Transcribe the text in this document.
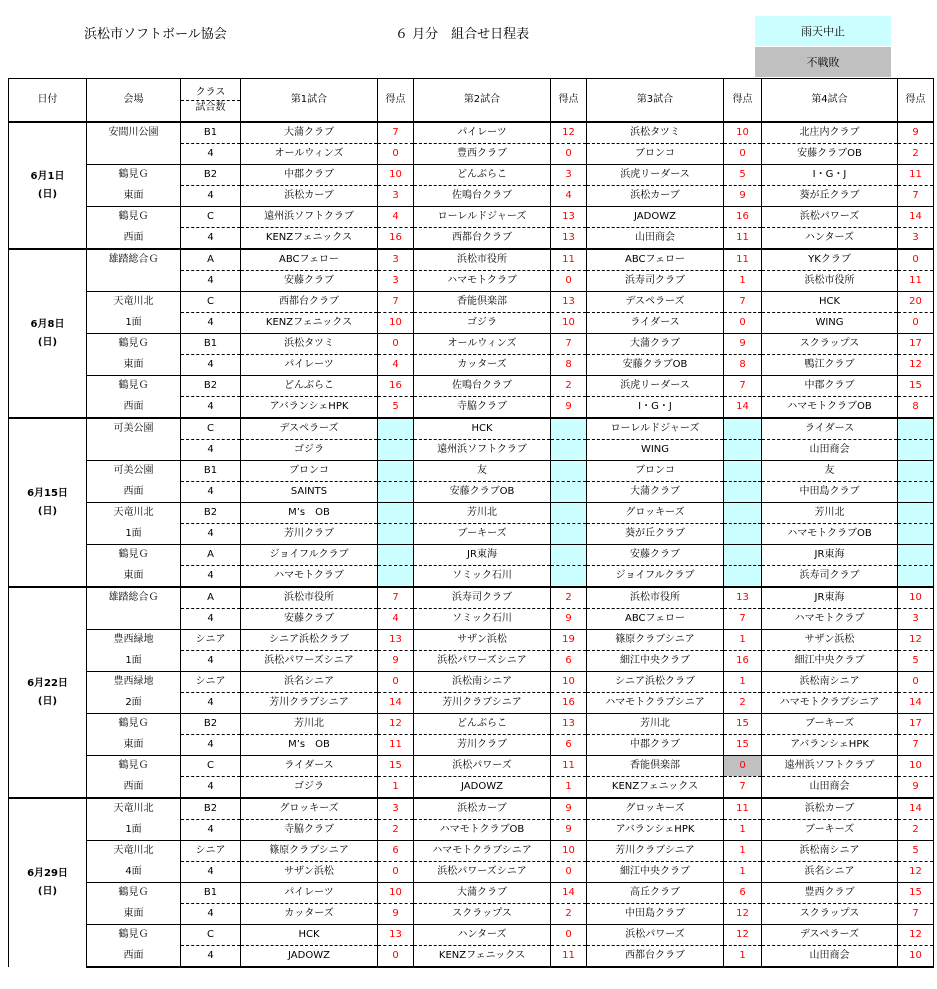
浜松市ソフトボール協会	６ 月分　組合せ日程表	雨天中止
不戦敗
日付	会場	クラス
試合数	第1試合	得点	第2試合	得点	第3試合	得点	第4試合	得点

6月1日
(日)	安間川公園	B1	大蒲クラブ	7	パイレーツ	12	浜松タツミ	10	北庄内クラブ	9
		4	オールウィンズ	0	豊西クラブ	0	ブロンコ	0	安藤クラブOB	2
	鶴見Ｇ	B2	中郡クラブ	10	どんぶらこ	3	浜虎リーダース	5	I・G・J	11
	東面	4	浜松カーブ	3	佐鳴台クラブ	4	浜松カーブ	9	葵が丘クラブ	7
	鶴見Ｇ	C	遠州浜ソフトクラブ	4	ローレルドジャーズ	13	JADOWZ	16	浜松パワーズ	14
	西面	4	KENZフェニックス	16	西都台クラブ	13	山田商会	11	ハンターズ	3

6月8日
(日)	雄踏総合Ｇ	A	ABCフェロー	3	浜松市役所	11	ABCフェロー	11	YKクラブ	0
		4	安藤クラブ	3	ハマモトクラブ	0	浜寿司クラブ	1	浜松市役所	11
	天竜川北	C	西都台クラブ	7	香能倶楽部	13	デスペラーズ	7	HCK	20
	1面	4	KENZフェニックス	10	ゴジラ	10	ライダース	0	WING	0
	鶴見Ｇ	B1	浜松タツミ	0	オールウィンズ	7	大蒲クラブ	9	スクラップス	17
	東面	4	パイレーツ	4	カッターズ	8	安藤クラブOB	8	鴨江クラブ	12
	鶴見Ｇ	B2	どんぶらこ	16	佐鳴台クラブ	2	浜虎リーダース	7	中郡クラブ	15
	西面	4	アバランシェHPK	5	寺脇クラブ	9	I・G・J	14	ハマモトクラブOB	8

6月15日
(日)	可美公園	C	デスペラーズ		HCK		ローレルドジャーズ		ライダース	
		4	ゴジラ		遠州浜ソフトクラブ		WING		山田商会	
	可美公園	B1	ブロンコ		友		ブロンコ		友	
	西面	4	SAINTS		安藤クラブOB		大蒲クラブ		中田島クラブ	
	天竜川北	B2	M’s　OB		芳川北		グロッキーズ		芳川北	
	1面	4	芳川クラブ		ブーキーズ		葵が丘クラブ		ハマモトクラブOB	
	鶴見Ｇ	A	ジョイフルクラブ		JR東海		安藤クラブ		JR東海	
	東面	4	ハマモトクラブ		ソミック石川		ジョイフルクラブ		浜寿司クラブ	

6月22日
(日)	雄踏総合Ｇ	A	浜松市役所	7	浜寿司クラブ	2	浜松市役所	13	JR東海	10
		4	安藤クラブ	4	ソミック石川	9	ABCフェロー	7	ハマモトクラブ	3
	豊西緑地	シニア	シニア浜松クラブ	13	サザン浜松	19	篠原クラブシニア	1	サザン浜松	12
	1面	4	浜松パワーズシニア	9	浜松パワーズシニア	6	細江中央クラブ	16	細江中央クラブ	5
	豊西緑地	シニア	浜名シニア	0	浜松南シニア	10	シニア浜松クラブ	1	浜松南シニア	0
	2面	4	芳川クラブシニア	14	芳川クラブシニア	16	ハマモトクラブシニア	2	ハマモトクラブシニア	14
	鶴見Ｇ	B2	芳川北	12	どんぶらこ	13	芳川北	15	ブーキーズ	17
	東面	4	M’s　OB	11	芳川クラブ	6	中郡クラブ	15	アバランシェHPK	7
	鶴見Ｇ	C	ライダース	15	浜松パワーズ	11	香能倶楽部	0	遠州浜ソフトクラブ	10
	西面	4	ゴジラ	1	JADOWZ	1	KENZフェニックス	7	山田商会	9

6月29日
(日)	天竜川北	B2	グロッキーズ	3	浜松カーブ	9	グロッキーズ	11	浜松カーブ	14
	1面	4	寺脇クラブ	2	ハマモトクラブOB	9	アバランシェHPK	1	ブーキーズ	2
	天竜川北	シニア	篠原クラブシニア	6	ハマモトクラブシニア	10	芳川クラブシニア	1	浜松南シニア	5
	4面	4	サザン浜松	0	浜松パワーズシニア	0	細江中央クラブ	1	浜名シニア	12
	鶴見Ｇ	B1	パイレーツ	10	大蒲クラブ	14	高丘クラブ	6	豊西クラブ	15
	東面	4	カッターズ	9	スクラップス	2	中田島クラブ	12	スクラップス	7
	鶴見Ｇ	C	HCK	13	ハンターズ	0	浜松パワーズ	12	デスペラーズ	12
	西面	4	JADOWZ	0	KENZフェニックス	11	西都台クラブ	1	山田商会	10
